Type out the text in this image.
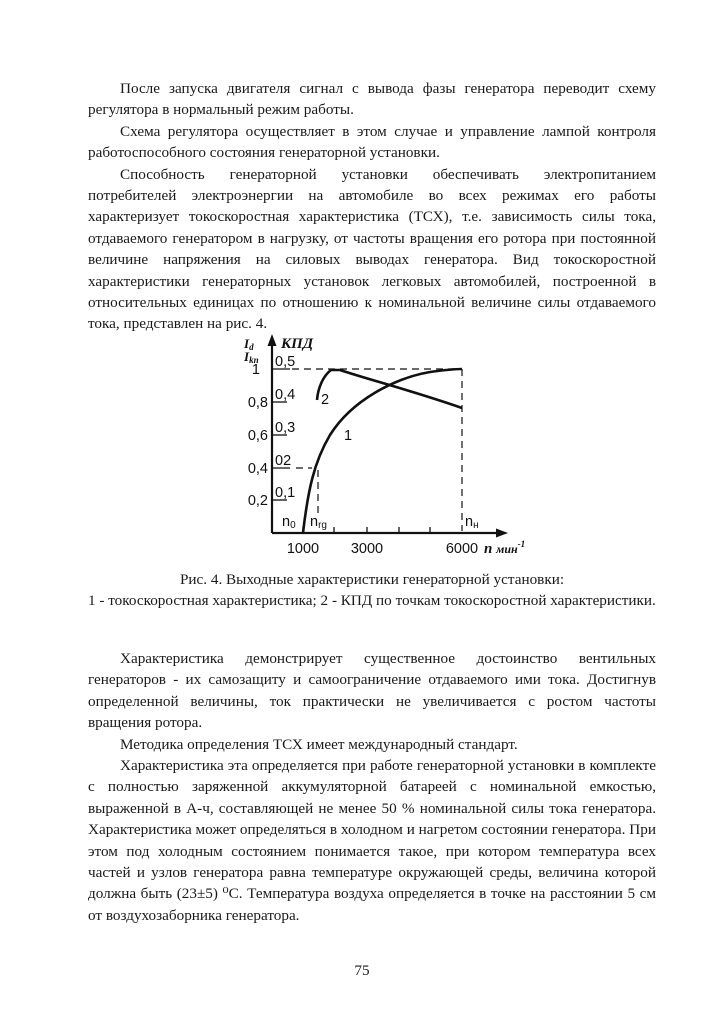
После запуска двигателя сигнал с вывода фазы генератора переводит схему регулятора в нормальный режим работы.

Схема регулятора осуществляет в этом случае и управление лампой контроля работоспособного состояния генераторной установки.

Способность генераторной установки обеспечивать электропитанием потребителей электроэнергии на автомобиле во всех режимах его работы характеризует токоскоростная характеристика (ТСХ), т.е. зависимость силы тока, отдаваемого генератором в нагрузку, от частоты вращения его ротора при постоянной величине напряжения на силовых выводах генератора. Вид токоскоростной характеристики генераторных установок легковых автомобилей, построенной в относительных единицах по отношению к номинальной величине силы отдаваемого тока, представлен на рис. 4.

1
0,8
0,6
0,4
0,2
0,5
0,4
0,3
02
0,1
Id
Ikn
КПД
1000 3000	6000 n мин$^{-1}$
n0 nrg	nн
1
2
Рис. 4. Выходные характеристики генераторной установки:
1 - токоскоростная характеристика; 2 - КПД по точкам токоскоростной характеристики.

Характеристика демонстрирует существенное достоинство вентильных генераторов - их самозащиту и самоограничение отдаваемого ими тока. Достигнув определенной величины, ток практически не увеличивается с ростом частоты вращения ротора.

Методика определения ТСХ имеет международный стандарт.

Характеристика эта определяется при работе генераторной установки в комплекте с полностью заряженной аккумуляторной батареей с номинальной емкостью, выраженной в А-ч, составляющей не менее 50 % номинальной силы тока генератора. Характеристика может определяться в холодном и нагретом состоянии генератора. При этом под холодным состоянием понимается такое, при котором температура всех частей и узлов генератора равна температуре окружающей среды, величина которой должна быть (23±5) ⁰С. Температура воздуха определяется в точке на расстоянии 5 см от воздухозаборника генератора.

75
